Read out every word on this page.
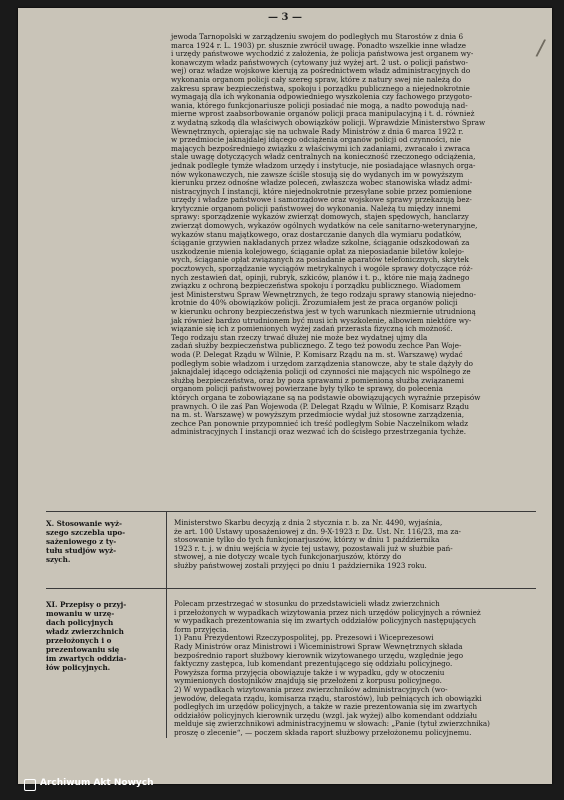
— 3 —
/

jewoda Tarnopolski w zarządzeniu swojem do podległych mu Starostów z dnia 6

marca 1924 r. L. 1903) pr. słusznie zwrócił uwagę. Ponadto wszelkie inne władze

i urzędy państwowe wychodzić z założenia, że policja państwowa jest organem wy-

konawczym władz państwowych (cytowany już wyżej art. 2 ust. o policji państwo-

wej) oraz władze wojskowe kierują za pośrednictwem władz administracyjnych do

wykonania organom policji cały szereg spraw, które z natury swej nie należą do

zakresu spraw bezpieczeństwa, spokoju i porządku publicznego a niejednokrotnie

wymagają dla ich wykonania odpowiedniego wyszkolenia czy fachowego przygoto-

wania, którego funkcjonariusze policji posiadać nie mogą, a nadto powodują nad-

mierne wprost zaabsorbowanie organów policji praca manipulacyjną i t. d. również

z wydatną szkodą dla właściwych obowiązków policji. Wprawdzie Ministerstwo Spraw

Wewnętrznych, opierając się na uchwale Rady Ministrów z dnia 6 marca 1922 r.

w przedmiocie jaknajdalej idącego odciążenia organów policji od czynności, nie

mających bezpośredniego związku z właściwymi ich zadaniami, zwracało i zwraca

stale uwagę dotyczących władz centralnych na konieczność rzeczonego odciążenia,

jednak podległe tymże władzom urzędy i instytucje, nie posiadające własnych orga-

nów wykonawczych, nie zawsze ściśle stosują się do wydanych im w powyższym

kierunku przez odnośne władze poleceń, zwłaszcza wobec stanowiska władz admi-

nistracyjnych I instancji, które niejednokrotnie przesyłane sobie przez pomienione

urzędy i władze państwowe i samorządowe oraz wojskowe sprawy przekazują bez-

krytycznie organom policji państwowej do wykonania. Należą tu między innemi

sprawy: sporządzenie wykazów zwierząt domowych, stajen spędowych, hanclarzy

zwierząt domowych, wykazów ogólnych wydatków na cele sanitarno-weterynaryjne,

wykazów stanu majątkowego, oraz dostarczanie danych dla wymiaru podatków,

ściąganie grzywien nakładanych przez władze szkolne, ściąganie odszkodowań za

uszkodzenie mienia kolejowego, ściąganie opłat za nieposiadanie biletów kolejo-

wych, ściąganie opłat związanych za posiadanie aparatów telefonicznych, skrytek

pocztowych, sporządzanie wyciągów metrykalnych i wogóle sprawy dotyczące róż-

nych zestawień dat, opinji, rubryk, szkiców, planów i t. p., które nie mają żadnego

związku z ochroną bezpieczeństwa spokoju i porządku publicznego. Wiadomem

jest Ministerstwu Spraw Wewnętrznych, że tego rodzaju sprawy stanowią niejedno-

krotnie do 40% obowiązków policji. Zrozumiałem jest że praca organów policji

w kierunku ochrony bezpieczeństwa jest w tych warunkach niezmiernie utrudnioną

jak również bardzo utrudnionem być musi ich wyszkolenie, albowiem niektóre wy-

wiązanie się ich z pomienionych wyżej zadań przerasta fizyczną ich możność.

Tego rodzaju stan rzeczy trwać dłużej nie może bez wydatnej ujmy dla

zadań służby bezpieczeństwa publicznego. Z tego też powodu zechce Pan Woje-

woda (P. Delegat Rządu w Wilnie, P. Komisarz Rządu na m. st. Warszawę) wydać

podległym sobie władzom i urzędom zarządzenia stanowcze, aby te stale dążyły do

jaknajdalej idącego odciążenia policji od czynności nie mających nic wspólnego ze

służbą bezpieczeństwa, oraz by poza sprawami z pomienioną służbą związanemi

organom policji państwowej powierzane były tylko te sprawy, do polecenia

których organa te zobowiązane są na podstawie obowiązujących wyraźnie przepisów

prawnych. O ile zaś Pan Wojewoda (P. Delegat Rządu w Wilnie, P. Komisarz Rządu

na m. st. Warszawę) w powyższym przedmiocie wydał już stosowne zarządzenia,

zechce Pan ponownie przypomnieć ich treść podległym Sobie Naczelnikom władz

administracyjnych I instancji oraz wezwać ich do ścisłego przestrzegania tychże.

X. Stosowanie wyż-

szego szczebla upo-

sażeniowego z ty-

tułu studjów wyż-

szych.

Ministerstwo Skarbu decyzją z dnia 2 stycznia r. b. za Nr. 4490, wyjaśnia,

że art. 100 Ustawy uposażeniowej z dn. 9-X-1923 r. Dz. Ust. Nr. 116/23, ma za-

stosowanie tylko do tych funkcjonarjuszów, którzy w dniu 1 października

1923 r. t. j. w dniu wejścia w życie tej ustawy, pozostawali już w służbie pań-

stwowej, a nie dotyczy wcale tych funkcjonarjuszów, którzy do

służby państwowej zostali przyjęci po dniu 1 października 1923 roku.

XI. Przepisy o przyj-

mowaniu w urzę-

dach policyjnych

władz zwierzchnich

przełożonych i o

prezentowaniu się

im zwartych oddzia-

łów policyjnych.

Polecam przestrzegać w stosunku do przedstawicieli władz zwierzchnich

i przełożonych w wypadkach wizytowania przez nich urzędów policyjnych a również

w wypadkach prezentowania się im zwartych oddziałów policyjnych następujących

form przyjęcia.

1) Panu Prezydentowi Rzeczypospolitej, pp. Prezesowi i Wiceprezesowi

Rady Ministrów oraz Ministrowi i Wiceministrowi Spraw Wewnętrznych składa

bezpośrednio raport służbowy kierownik wizytowanego urzędu, względnie jego

faktyczny zastępca, lub komendant prezentującego się oddziału policyjnego.

Powyższa forma przyjęcia obowiązuje także i w wypadku, gdy w otoczeniu

wymienionych dostojników znajdują się przełożeni z korpusu policyjnego.

2) W wypadkach wizytowania przez zwierzchników administracyjnych (wo-

jewodów, delegata rządu, komisarza rządu, starostów), lub pełniących ich obowiązki

podległych im urzędów policyjnych, a także w razie prezentowania się im zwartych

oddziałów policyjnych kierownik urzędu (wzgl. jak wyżej) albo komendant oddziału

melduje się zwierzchnikowi administracyjnemu w słowach: „Panie (tytuł zwierzchnika)

proszę o zlecenie“, — poczem składa raport służbowy przełożonemu policyjnemu.

Archiwum Akt Nowych
